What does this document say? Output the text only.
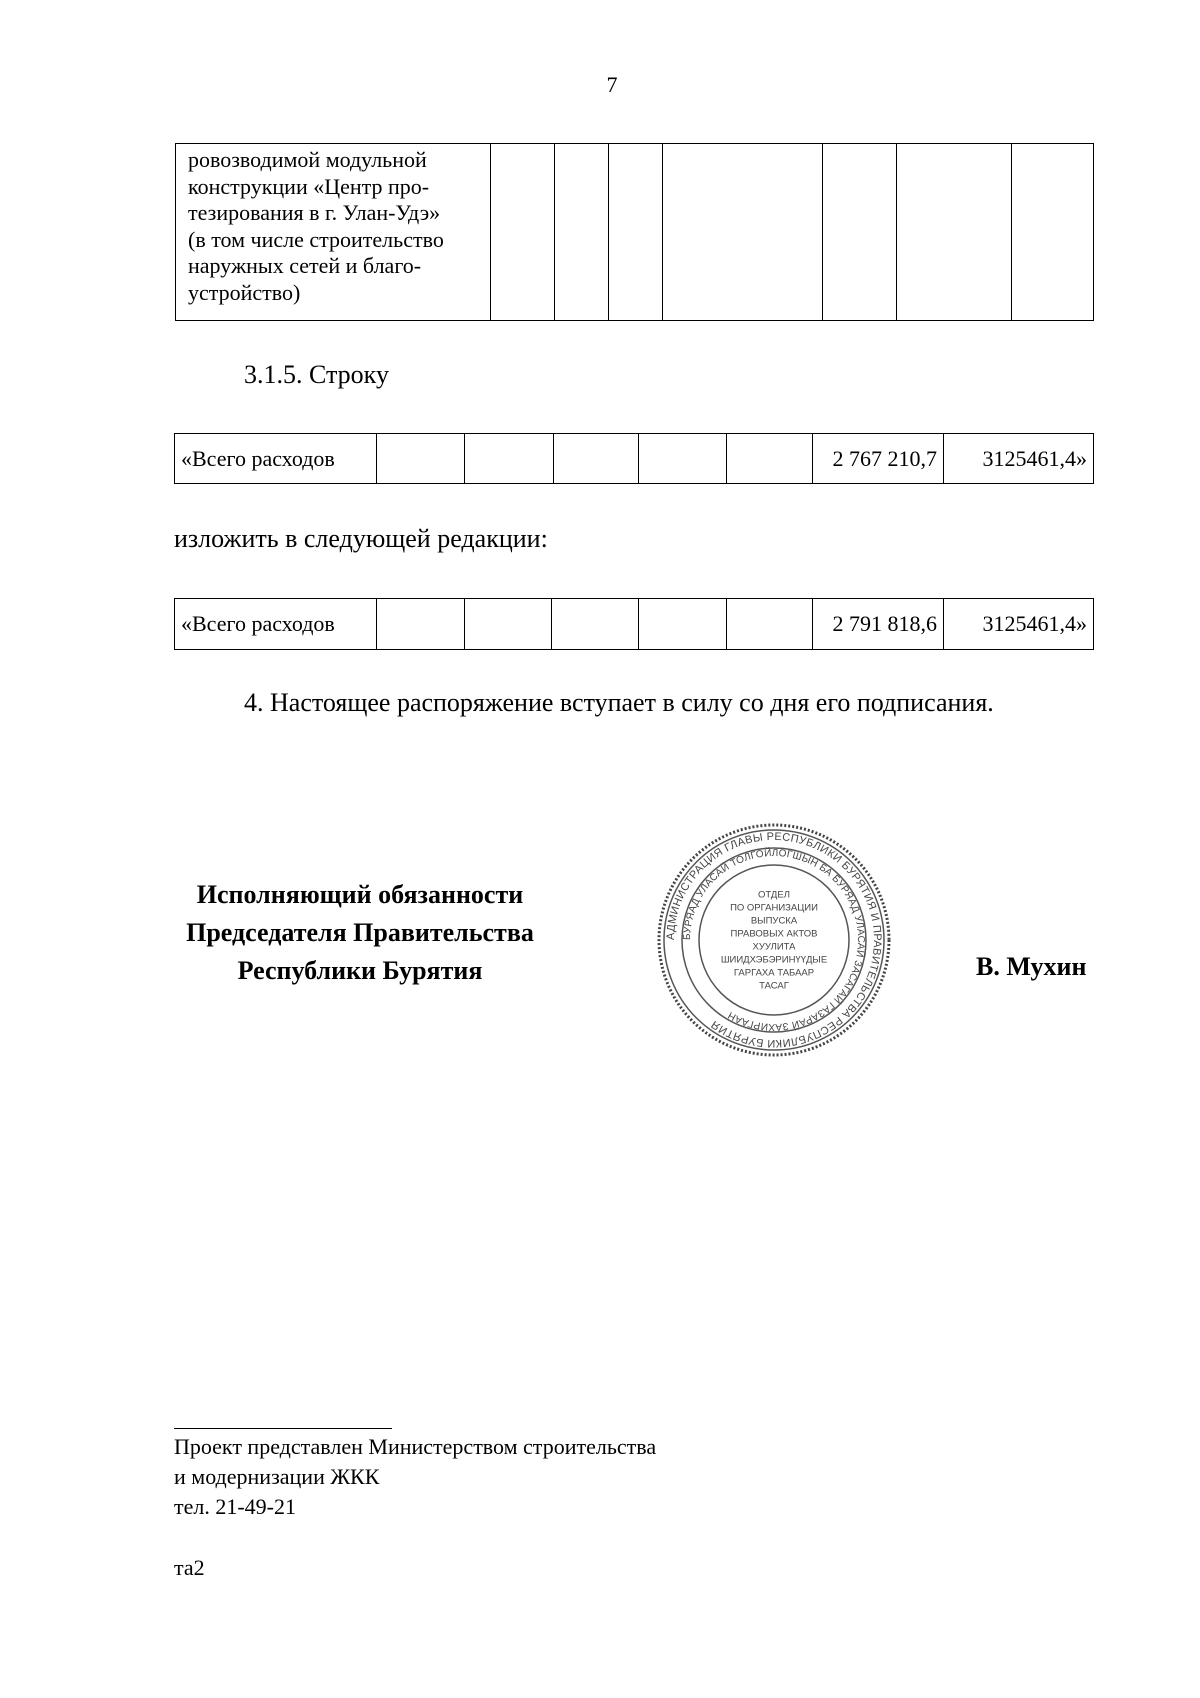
7
ровозводимой модульной
конструкции «Центр про-
тезирования в г. Улан-Удэ»
(в том числе строительство
наружных сетей и благо-
устройство)

3.1.5. Строку
«Всего расходов						2 767 210,7	3125461,4»
изложить в следующей редакции:
«Всего расходов						2 791 818,6	3125461,4»
4. Настоящее распоряжение вступает в силу со дня его подписания.
Исполняющий обязанности
Председателя Правительства
Республики Бурятия
АДМИНИСТРАЦИЯ ГЛАВЫ РЕСПУБЛИКИ БУРЯТИЯ И ПРАВИТЕЛЬСТВА РЕСПУБЛИКИ БУРЯТИЯ
БУРЯАД УЛАСАЙ ТОЛГОЙЛОГШЫН БА БУРЯАД УЛАСАЙ ЗАСАГАЙ ГАЗАРАЙ ЗАХИРГААН
ОТДЕЛ
ПО ОРГАНИЗАЦИИ
ВЫПУСКА
ПРАВОВЫХ АКТОВ
ХУУЛИТА
ШИИДХЭБЭРИНҮҮДЫЕ
ГАРГАХА ТАБААР
ТАСАГ
В. Мухин
Проект представлен Министерством строительства
и модернизации ЖКК
тел. 21-49-21
та2
